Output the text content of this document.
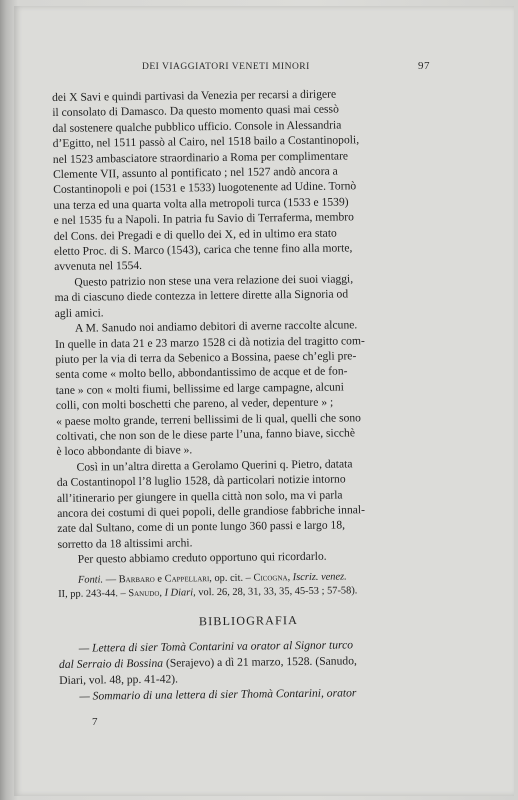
DEI VIAGGIATORI VENETI MINORI	97

dei X Savi e quindi partivasi da Venezia per recarsi a dirigere
il consolato di Damasco. Da questo momento quasi mai cessò
dal sostenere qualche pubblico ufficio. Console in Alessandria
d’Egitto, nel 1511 passò al Cairo, nel 1518 bailo a Costantinopoli,
nel 1523 ambasciatore straordinario a Roma per complimentare
Clemente VII, assunto al pontificato ; nel 1527 andò ancora a
Costantinopoli e poi (1531 e 1533) luogotenente ad Udine. Tornò
una terza ed una quarta volta alla metropoli turca (1533 e 1539)
e nel 1535 fu a Napoli. In patria fu Savio di Terraferma, membro
del Cons. dei Pregadi e di quello dei X, ed in ultimo era stato
eletto Proc. di S. Marco (1543), carica che tenne fino alla morte,
avvenuta nel 1554.

Questo patrizio non stese una vera relazione dei suoi viaggi,
ma di ciascuno diede contezza in lettere dirette alla Signoria od
agli amici.

A M. Sanudo noi andiamo debitori di averne raccolte alcune.
In quelle in data 21 e 23 marzo 1528 ci dà notizia del tragitto com-
piuto per la via di terra da Sebenico a Bossina, paese ch’egli pre-
senta come « molto bello, abbondantissimo de acque et de fon-
tane » con « molti fiumi, bellissime ed large campagne, alcuni
colli, con molti boschetti che pareno, al veder, depenture » ;
« paese molto grande, terreni bellissimi de li qual, quelli che sono
coltivati, che non son de le diese parte l’una, fanno biave, sicchè
è loco abbondante di biave ».

Così in un’altra diretta a Gerolamo Querini q. Pietro, datata
da Costantinopol l’8 luglio 1528, dà particolari notizie intorno
all’itinerario per giungere in quella città non solo, ma vi parla
ancora dei costumi di quei popoli, delle grandiose fabbriche innal-
zate dal Sultano, come di un ponte lungo 360 passi e largo 18,
sorretto da 18 altissimi archi.

Per questo abbiamo creduto opportuno qui ricordarlo.

Fonti. — Barbaro e Cappellari, op. cit. – Cicogna, Iscriz. venez.
II, pp. 243-44. – Sanudo, I Diari, vol. 26, 28, 31, 33, 35, 45-53 ; 57-58).

BIBLIOGRAFIA

— Lettera di sier Tomà Contarini va orator al Signor turco
dal Serraio di Bossina (Serajevo) a dì 21 marzo, 1528. (Sanudo,
Diari, vol. 48, pp. 41-42).

— Sommario di una lettera di sier Thomà Contarini, orator

7
